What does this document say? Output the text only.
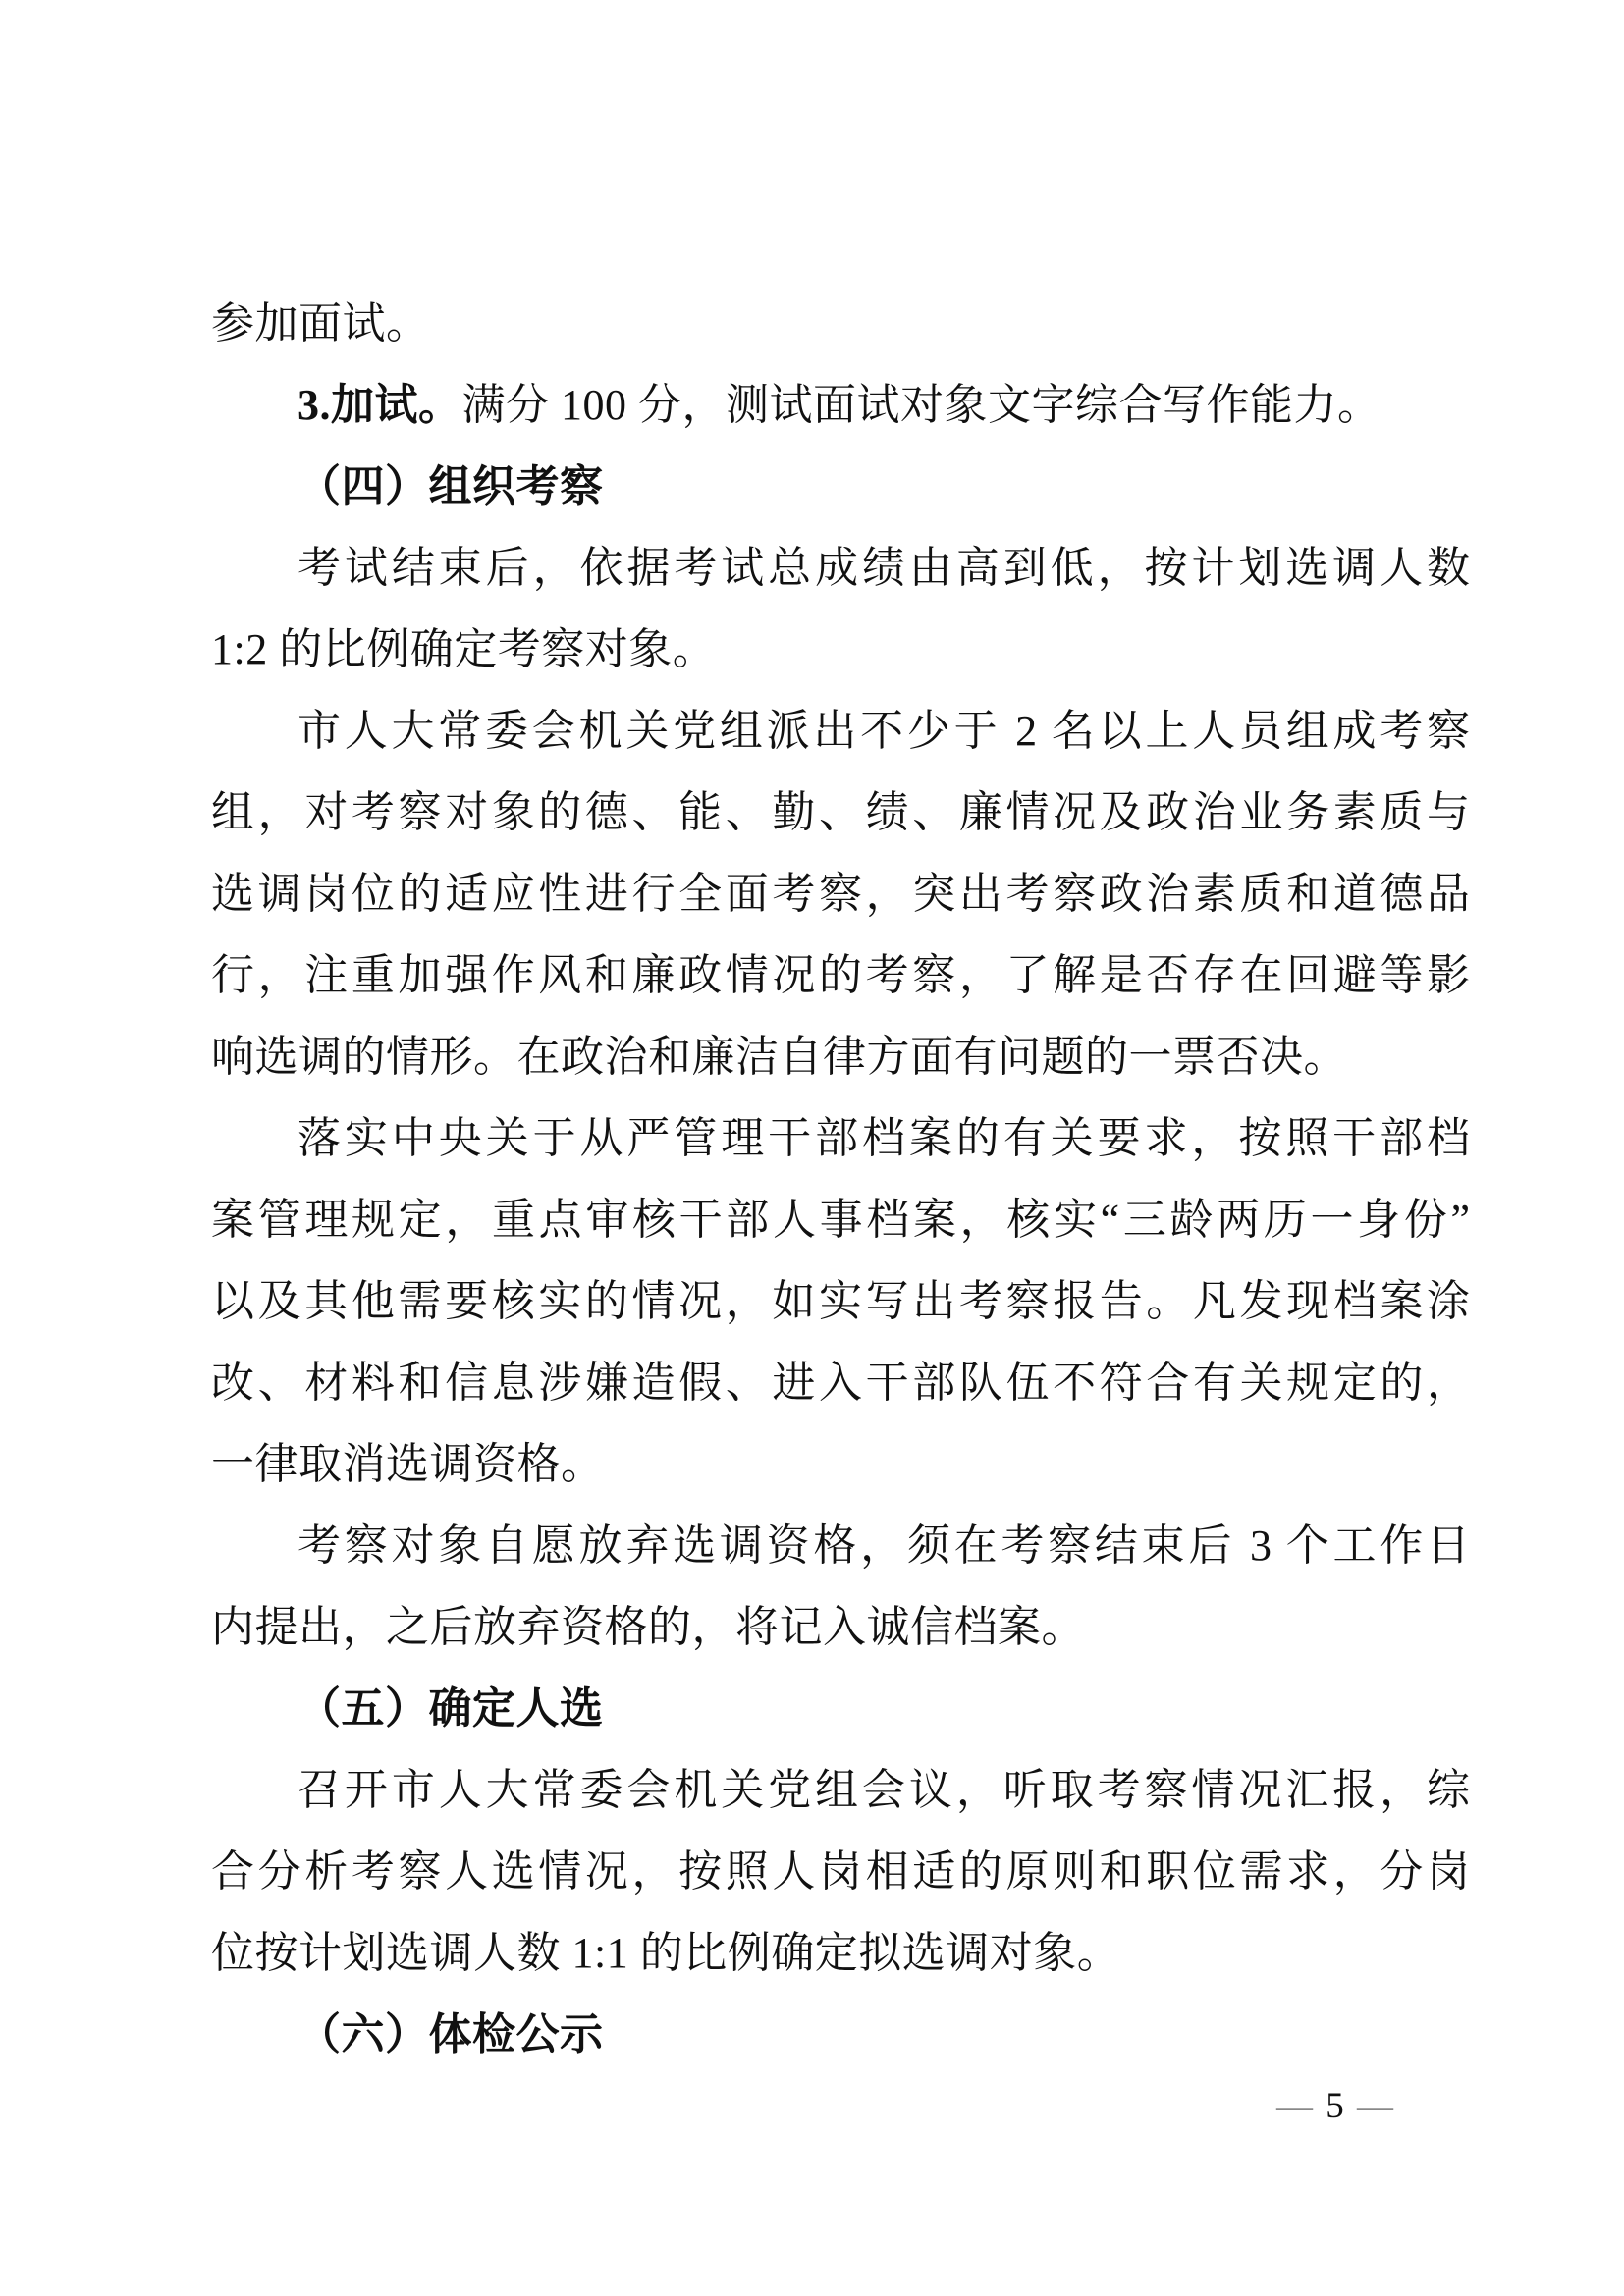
参加面试。
3.加试。满分 100 分，测试面试对象文字综合写作能力。
（四）组织考察
考试结束后，依据考试总成绩由高到低，按计划选调人数
1:2 的比例确定考察对象。
市人大常委会机关党组派出不少于 2 名以上人员组成考察
组，对考察对象的德、能、勤、绩、廉情况及政治业务素质与
选调岗位的适应性进行全面考察，突出考察政治素质和道德品
行，注重加强作风和廉政情况的考察，了解是否存在回避等影
响选调的情形。在政治和廉洁自律方面有问题的一票否决。
落实中央关于从严管理干部档案的有关要求，按照干部档
案管理规定，重点审核干部人事档案，核实“三龄两历一身份”
以及其他需要核实的情况，如实写出考察报告。凡发现档案涂
改、材料和信息涉嫌造假、进入干部队伍不符合有关规定的，
一律取消选调资格。
考察对象自愿放弃选调资格，须在考察结束后 3 个工作日
内提出，之后放弃资格的，将记入诚信档案。
（五）确定人选
召开市人大常委会机关党组会议，听取考察情况汇报，综
合分析考察人选情况，按照人岗相适的原则和职位需求，分岗
位按计划选调人数 1:1 的比例确定拟选调对象。
（六）体检公示
— 5 —
